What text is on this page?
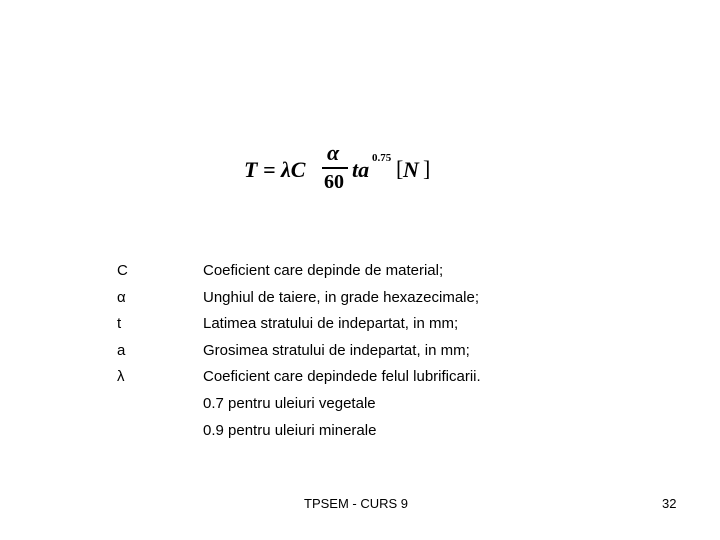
T = λC
α
60 ta 0.75 [ N ]
C	Coeficient care depinde de material;
α	Unghiul de taiere, in grade hexazecimale;
t	Latimea stratului de indepartat, in mm;
a	Grosimea stratului de indepartat, in mm;
λ	Coeficient care depindede felul lubrificarii.
0.7 pentru uleiuri vegetale
0.9 pentru uleiuri minerale
TPSEM - CURS 9	32
